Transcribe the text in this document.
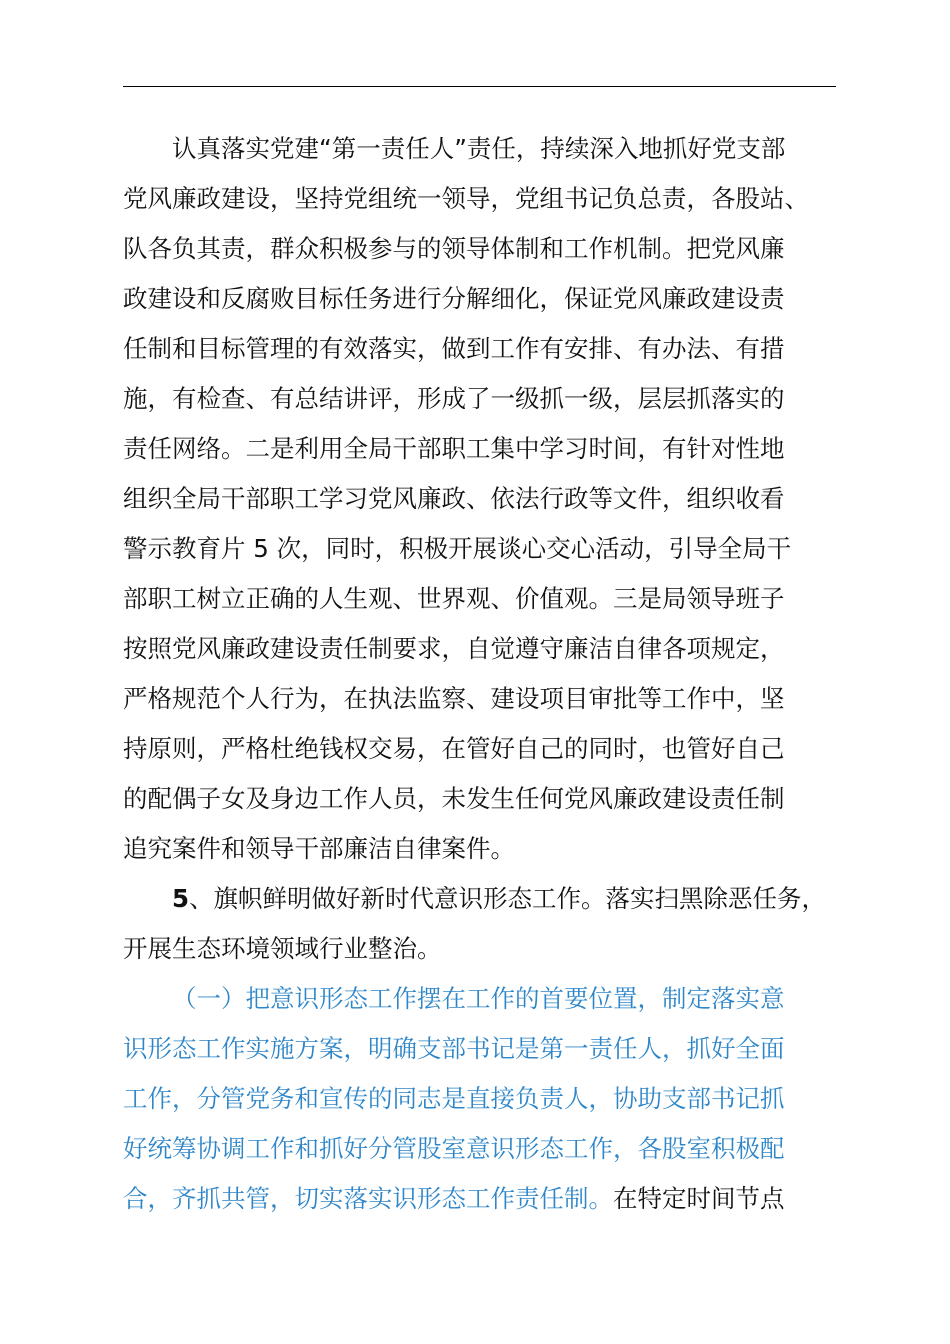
认真落实党建“第一责任人”责任，持续深入地抓好党支部
党风廉政建设，坚持党组统一领导，党组书记负总责，各股站、
队各负其责，群众积极参与的领导体制和工作机制。把党风廉
政建设和反腐败目标任务进行分解细化，保证党风廉政建设责
任制和目标管理的有效落实，做到工作有安排、有办法、有措
施，有检查、有总结讲评，形成了一级抓一级，层层抓落实的
责任网络。二是利用全局干部职工集中学习时间，有针对性地
组织全局干部职工学习党风廉政、依法行政等文件，组织收看
警示教育片 5 次，同时，积极开展谈心交心活动，引导全局干
部职工树立正确的人生观、世界观、价值观。三是局领导班子
按照党风廉政建设责任制要求，自觉遵守廉洁自律各项规定，
严格规范个人行为，在执法监察、建设项目审批等工作中，坚
持原则，严格杜绝钱权交易，在管好自己的同时，也管好自己
的配偶子女及身边工作人员，未发生任何党风廉政建设责任制
追究案件和领导干部廉洁自律案件。
5、旗帜鲜明做好新时代意识形态工作。落实扫黑除恶任务，
开展生态环境领域行业整治。
（一）把意识形态工作摆在工作的首要位置，制定落实意
识形态工作实施方案，明确支部书记是第一责任人，抓好全面
工作，分管党务和宣传的同志是直接负责人，协助支部书记抓
好统筹协调工作和抓好分管股室意识形态工作，各股室积极配
合，齐抓共管，切实落实识形态工作责任制。在特定时间节点
